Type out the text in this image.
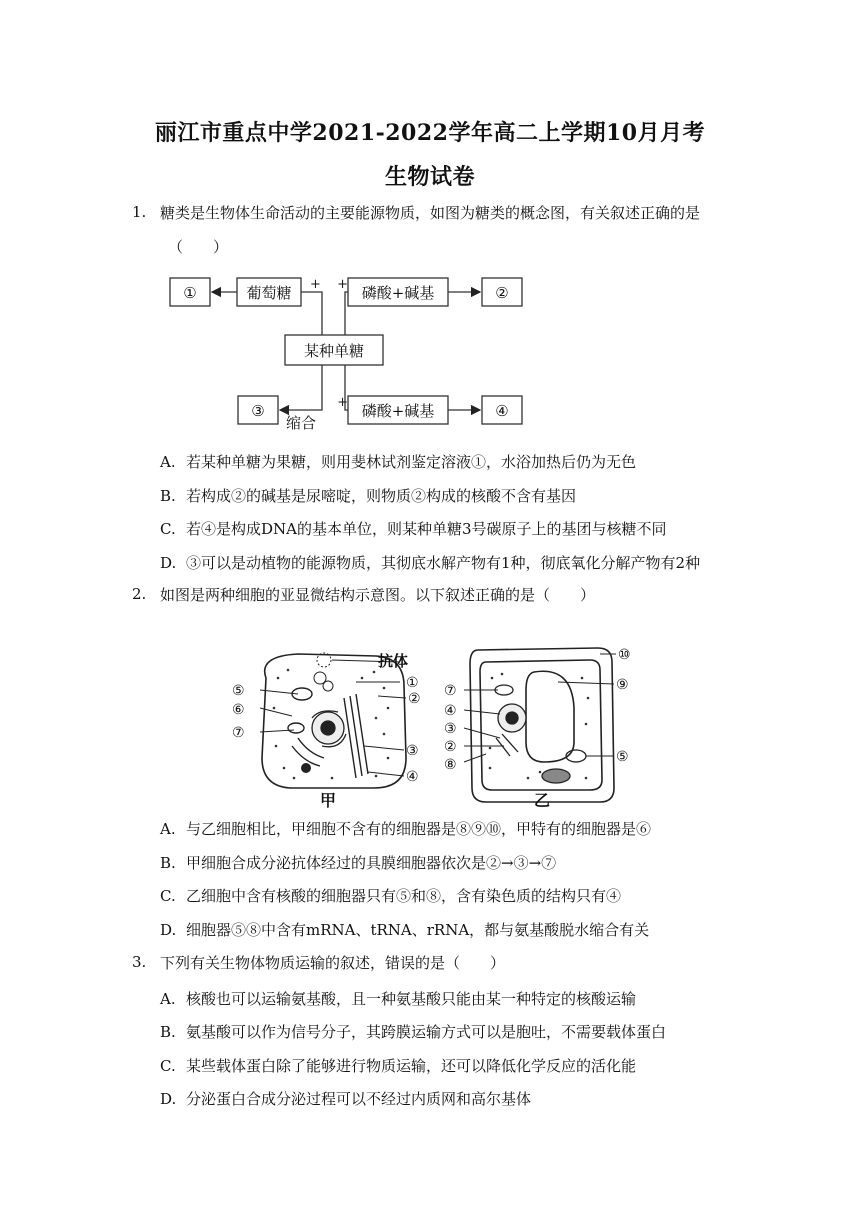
丽江市重点中学2021-2022学年高二上学期10月月考
生物试卷
1. 糖类是生物体生命活动的主要能源物质，如图为糖类的概念图，有关叙述正确的是
（　　）
①	葡萄糖	磷酸+碱基	②
某种单糖
③	磷酸+碱基	④
缩合
+ +
+
A. 若某种单糖为果糖，则用斐林试剂鉴定溶液①，水浴加热后仍为无色
B. 若构成②的碱基是尿嘧啶，则物质②构成的核酸不含有基因
C. 若④是构成DNA的基本单位，则某种单糖3号碳原子上的基团与核糖不同
D. ③可以是动植物的能源物质，其彻底水解产物有1种，彻底氧化分解产物有2种
2. 如图是两种细胞的亚显微结构示意图。以下叙述正确的是（　　）
抗体
⑤
⑥
⑦
①
②
③
④
⑦
④
③
②
⑧
⑩
⑨
⑤
甲	乙
A. 与乙细胞相比，甲细胞不含有的细胞器是⑧⑨⑩，甲特有的细胞器是⑥
B. 甲细胞合成分泌抗体经过的具膜细胞器依次是②→③→⑦
C. 乙细胞中含有核酸的细胞器只有⑤和⑧，含有染色质的结构只有④
D. 细胞器⑤⑧中含有mRNA、tRNA、rRNA，都与氨基酸脱水缩合有关
3. 下列有关生物体物质运输的叙述，错误的是（　　）
A. 核酸也可以运输氨基酸，且一种氨基酸只能由某一种特定的核酸运输
B. 氨基酸可以作为信号分子，其跨膜运输方式可以是胞吐，不需要载体蛋白
C. 某些载体蛋白除了能够进行物质运输，还可以降低化学反应的活化能
D. 分泌蛋白合成分泌过程可以不经过内质网和高尔基体
